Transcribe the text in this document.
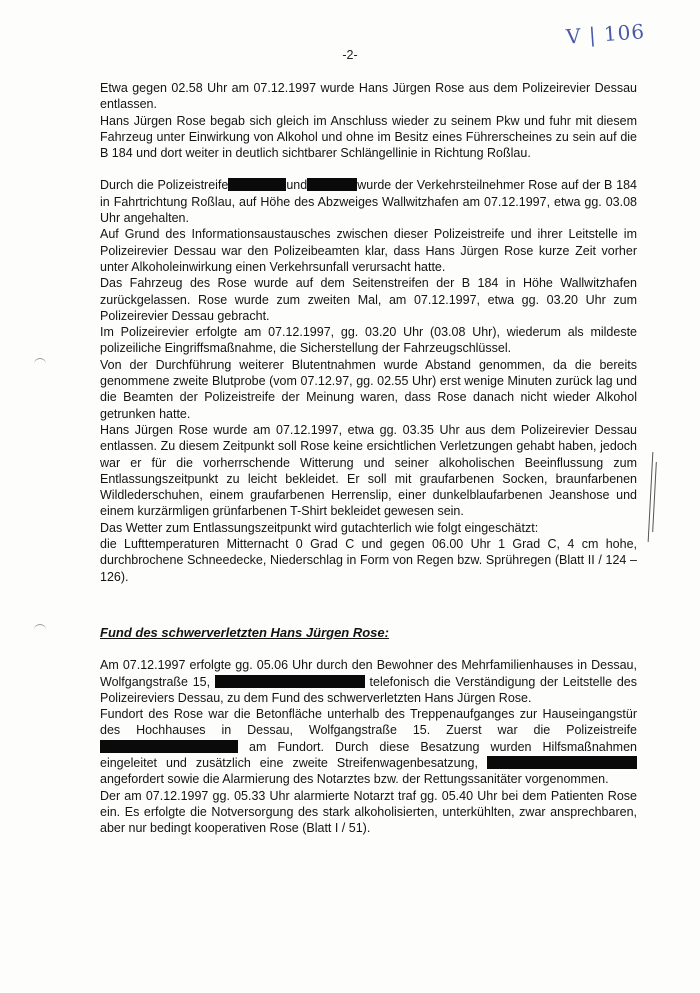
V | 106
-2-

Etwa gegen 02.58 Uhr am 07.12.1997 wurde Hans Jürgen Rose aus dem Polizeirevier Dessau entlassen.

Hans Jürgen Rose begab sich gleich im Anschluss wieder zu seinem Pkw und fuhr mit diesem Fahrzeug unter Einwirkung von Alkohol und ohne im Besitz eines Führerscheines zu sein auf die B 184 und dort weiter in deutlich sichtbarer Schlängellinie in Richtung Roßlau.

Durch die Polizeistreife	und	wurde der Verkehrsteilnehmer Rose auf der B 184 in Fahrtrichtung Roßlau, auf Höhe des Abzweiges Wallwitzhafen am 07.12.1997, etwa gg. 03.08 Uhr angehalten.

Auf Grund des Informationsaustausches zwischen dieser Polizeistreife und ihrer Leitstelle im Polizeirevier Dessau war den Polizeibeamten klar, dass Hans Jürgen Rose kurze Zeit vorher unter Alkoholeinwirkung einen Verkehrsunfall verursacht hatte.

Das Fahrzeug des Rose wurde auf dem Seitenstreifen der B 184 in Höhe Wallwitzhafen zurückgelassen. Rose wurde zum zweiten Mal, am 07.12.1997, etwa gg. 03.20 Uhr zum Polizeirevier Dessau gebracht.

Im Polizeirevier erfolgte am 07.12.1997, gg. 03.20 Uhr (03.08 Uhr), wiederum als mildeste polizeiliche Eingriffsmaßnahme, die Sicherstellung der Fahrzeugschlüssel.

Von der Durchführung weiterer Blutentnahmen wurde Abstand genommen, da die bereits genommene zweite Blutprobe (vom 07.12.97, gg. 02.55 Uhr) erst wenige Minuten zurück lag und die Beamten der Polizeistreife der Meinung waren, dass Rose danach nicht wieder Alkohol getrunken hatte.

Hans Jürgen Rose wurde am 07.12.1997, etwa gg. 03.35 Uhr aus dem Polizeirevier Dessau entlassen. Zu diesem Zeitpunkt soll Rose keine ersichtlichen Verletzungen gehabt haben, jedoch war er für die vorherrschende Witterung und seiner alkoholischen Beeinflussung zum Entlassungszeitpunkt zu leicht bekleidet. Er soll mit graufarbenen Socken, braunfarbenen Wildlederschuhen, einem graufarbenen Herrenslip, einer dunkelblaufarbenen Jeanshose und einem kurzärmligen grünfarbenen T-Shirt bekleidet gewesen sein.

Das Wetter zum Entlassungszeitpunkt wird gutachterlich wie folgt eingeschätzt:

die Lufttemperaturen Mitternacht 0 Grad C und gegen 06.00 Uhr 1 Grad C, 4 cm hohe, durchbrochene Schneedecke, Niederschlag in Form von Regen bzw. Sprühregen (Blatt II / 124 – 126).

Fund des schwerverletzten Hans Jürgen Rose:

Am 07.12.1997 erfolgte gg. 05.06 Uhr durch den Bewohner des Mehrfamilienhauses in Dessau, Wolfgangstraße 15,	telefonisch die Verständigung der Leitstelle des Polizeireviers Dessau, zu dem Fund des schwerverletzten Hans Jürgen Rose.

Fundort des Rose war die Betonfläche unterhalb des Treppenaufganges zur Hauseingangstür des Hochhauses in Dessau, Wolfgangstraße 15. Zuerst war die Polizeistreife  am Fundort. Durch diese Besatzung wurden Hilfsmaßnahmen eingeleitet und zusätzlich eine zweite Streifenwagenbesatzung,  angefordert sowie die Alarmierung des Notarztes bzw. der Rettungssanitäter vorgenommen.

Der am 07.12.1997 gg. 05.33 Uhr alarmierte Notarzt traf gg. 05.40 Uhr bei dem Patienten Rose ein. Es erfolgte die Notversorgung des stark alkoholisierten, unterkühlten, zwar ansprechbaren, aber nur bedingt kooperativen Rose (Blatt I / 51).
